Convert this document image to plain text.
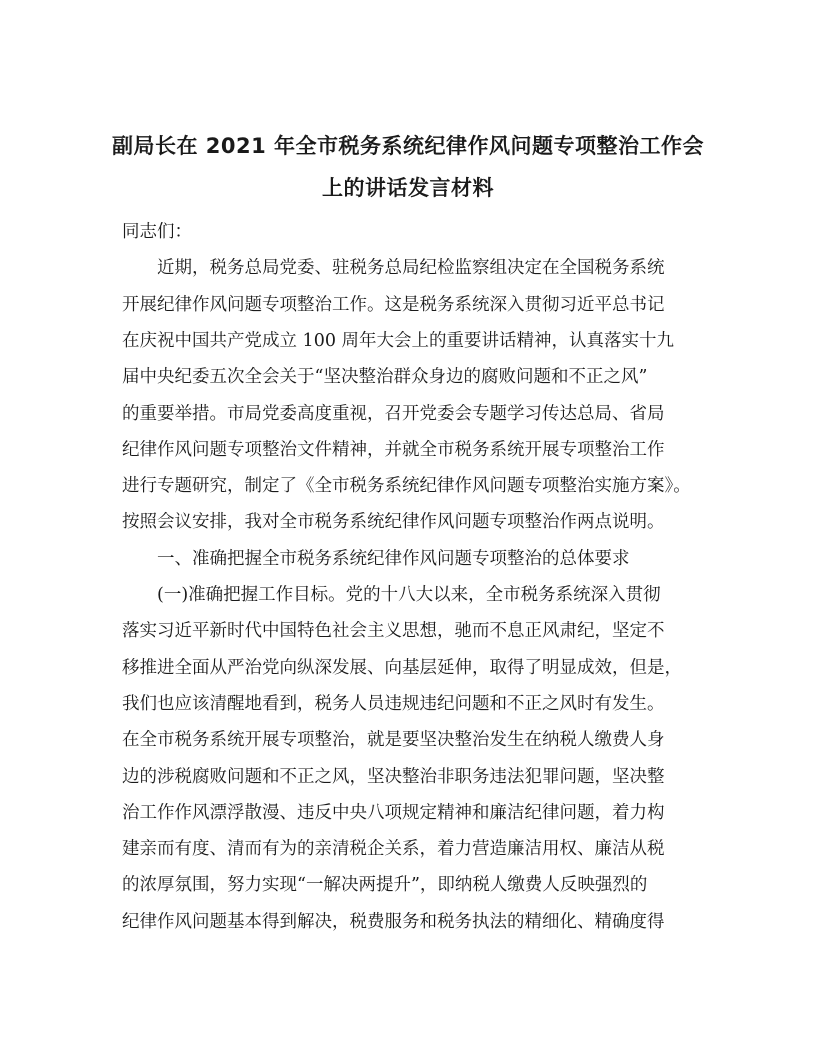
副局长在 2021 年全市税务系统纪律作风问题专项整治工作会
上的讲话发言材料
同志们：
　　近期，税务总局党委、驻税务总局纪检监察组决定在全国税务系统
开展纪律作风问题专项整治工作。这是税务系统深入贯彻习近平总书记
在庆祝中国共产党成立 100 周年大会上的重要讲话精神，认真落实十九
届中央纪委五次全会关于“坚决整治群众身边的腐败问题和不正之风”
的重要举措。市局党委高度重视，召开党委会专题学习传达总局、省局
纪律作风问题专项整治文件精神，并就全市税务系统开展专项整治工作
进行专题研究，制定了《全市税务系统纪律作风问题专项整治实施方案》。
按照会议安排，我对全市税务系统纪律作风问题专项整治作两点说明。
　　一、准确把握全市税务系统纪律作风问题专项整治的总体要求
　　(一)准确把握工作目标。党的十八大以来，全市税务系统深入贯彻
落实习近平新时代中国特色社会主义思想，驰而不息正风肃纪，坚定不
移推进全面从严治党向纵深发展、向基层延伸，取得了明显成效，但是，
我们也应该清醒地看到，税务人员违规违纪问题和不正之风时有发生。
在全市税务系统开展专项整治，就是要坚决整治发生在纳税人缴费人身
边的涉税腐败问题和不正之风，坚决整治非职务违法犯罪问题，坚决整
治工作作风漂浮散漫、违反中央八项规定精神和廉洁纪律问题，着力构
建亲而有度、清而有为的亲清税企关系，着力营造廉洁用权、廉洁从税
的浓厚氛围，努力实现“一解决两提升”，即纳税人缴费人反映强烈的
纪律作风问题基本得到解决，税费服务和税务执法的精细化、精确度得
